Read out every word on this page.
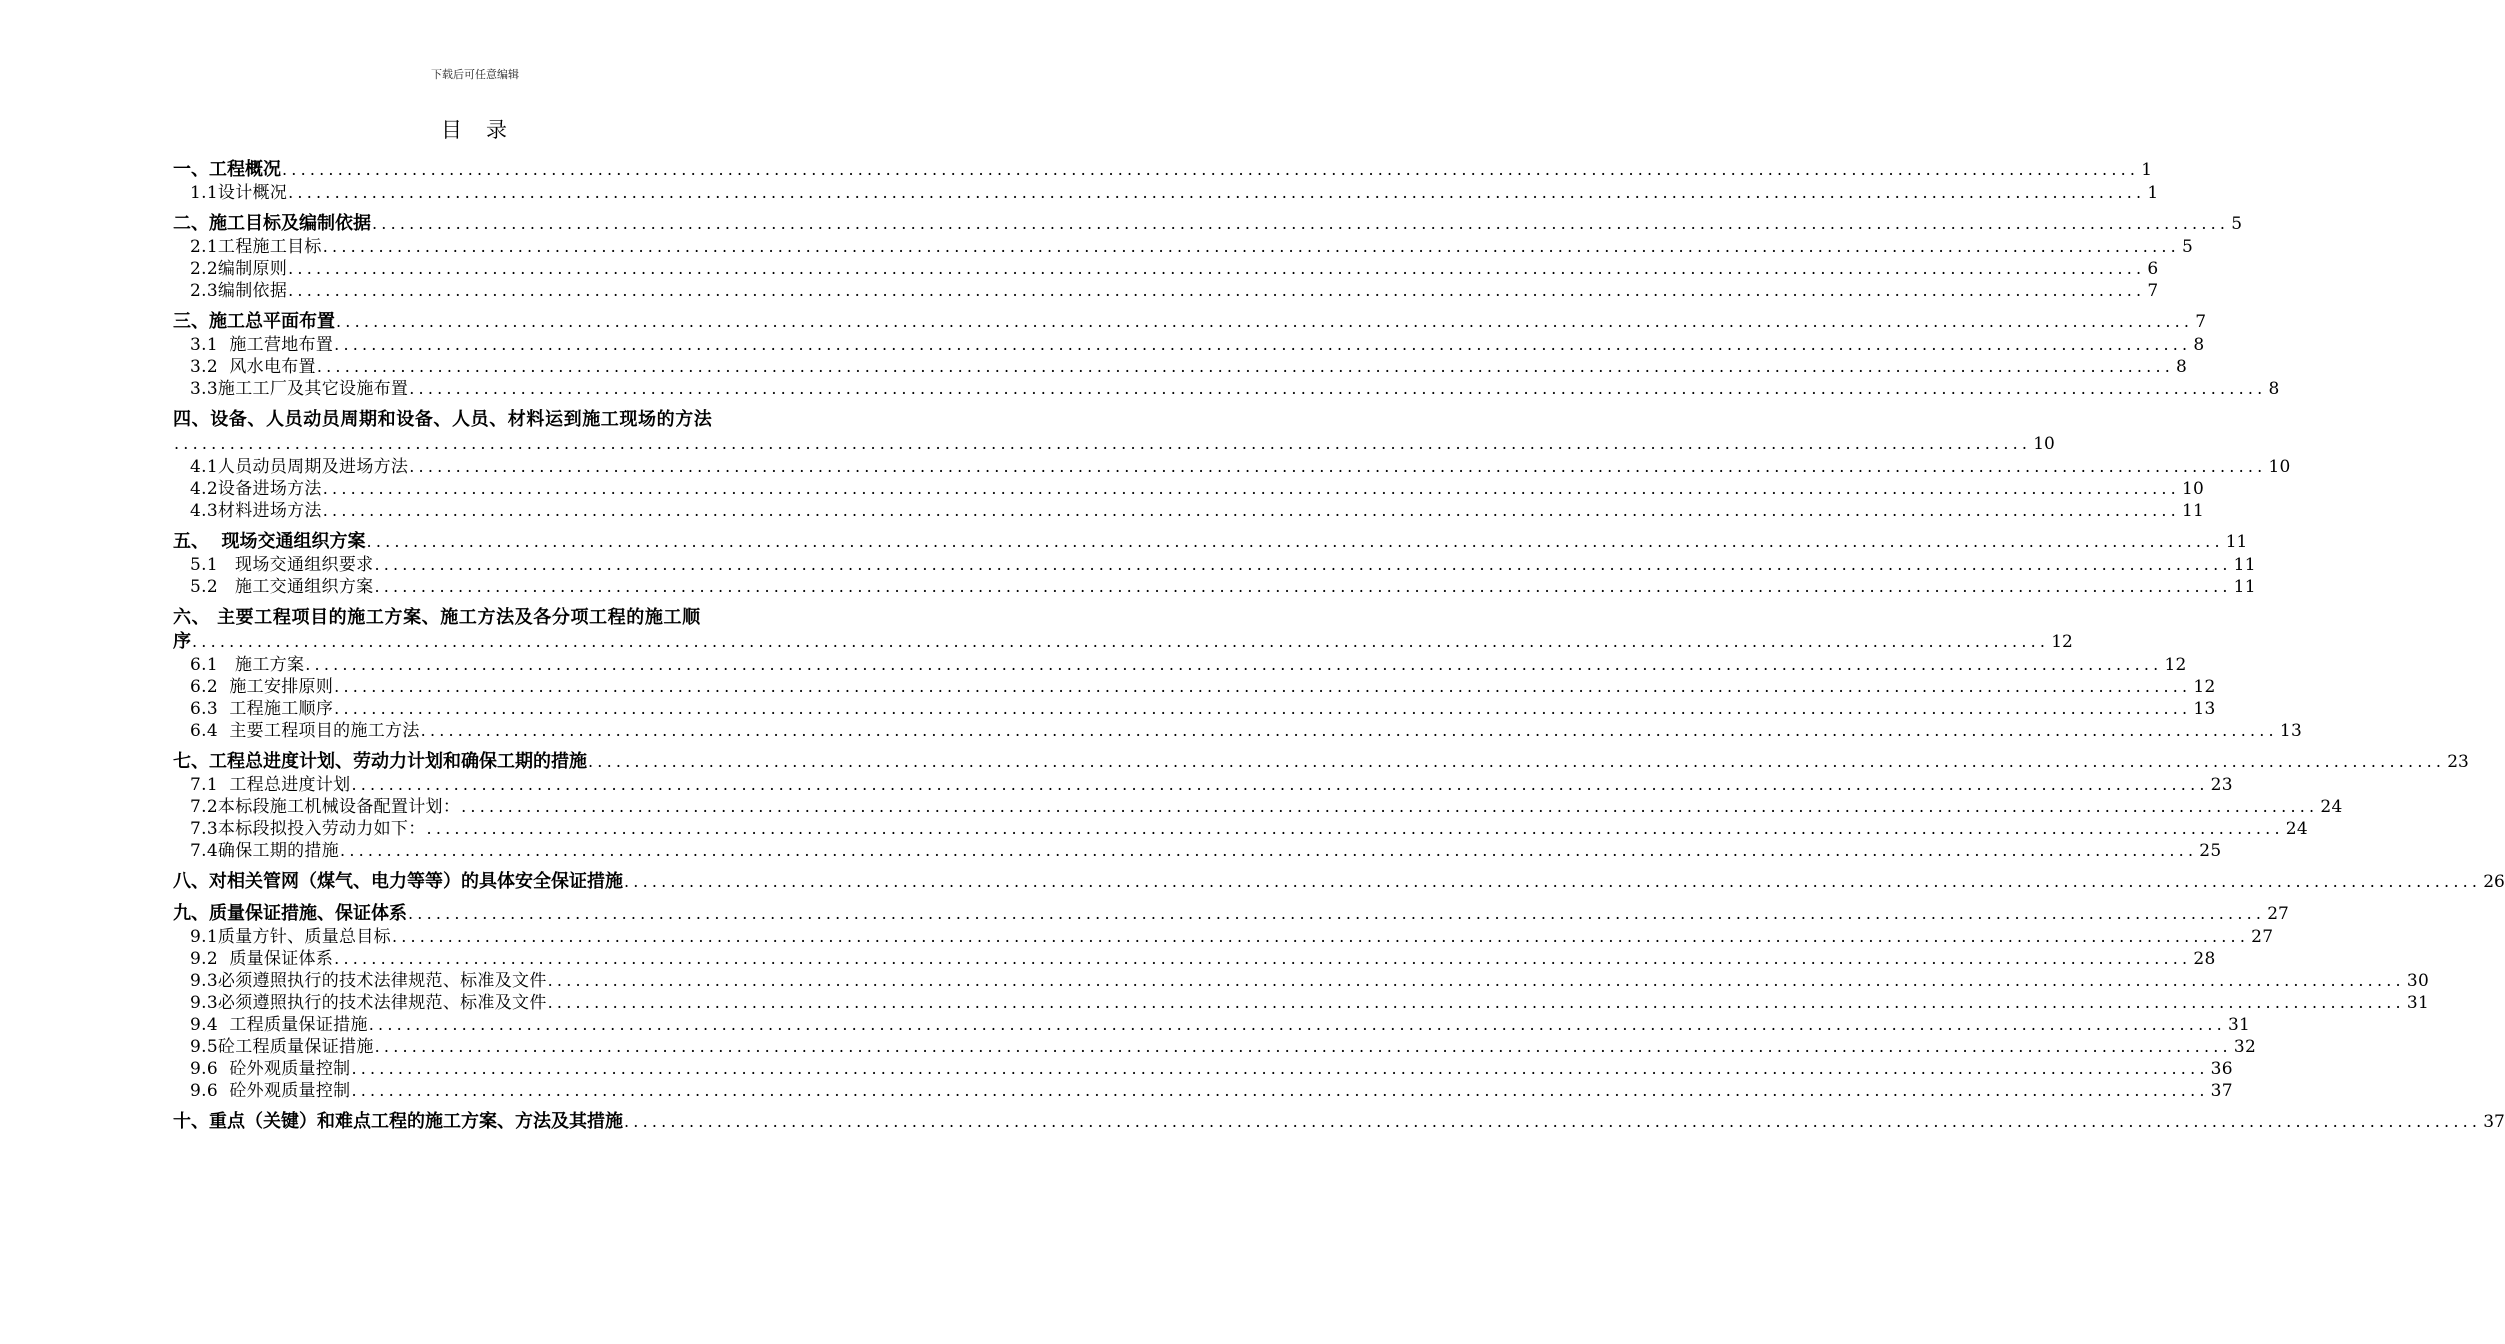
下载后可任意编辑
目 录
一、工程概况 ........................................................................................................................................................................................................ 1
1.1设计概况 ........................................................................................................................................................................................................ 1
二、施工目标及编制依据 ........................................................................................................................................................................................................ 5
2.1工程施工目标 ........................................................................................................................................................................................................ 5
2.2编制原则 ........................................................................................................................................................................................................ 6
2.3编制依据 ........................................................................................................................................................................................................ 7
三、施工总平面布置 ........................................................................................................................................................................................................ 7
3.1  施工营地布置 ........................................................................................................................................................................................................ 8
3.2  风水电布置 ........................................................................................................................................................................................................ 8
3.3施工工厂及其它设施布置 ........................................................................................................................................................................................................ 8
四、设备、人员动员周期和设备、人员、材料运到施工现场的方法
........................................................................................................................................................................................................ 10
4.1人员动员周期及进场方法 ........................................................................................................................................................................................................ 10
4.2设备进场方法 ........................................................................................................................................................................................................ 10
4.3材料进场方法 ........................................................................................................................................................................................................ 11
五、  现场交通组织方案 ........................................................................................................................................................................................................ 11
5.1   现场交通组织要求 ........................................................................................................................................................................................................ 11
5.2   施工交通组织方案 ........................................................................................................................................................................................................ 11
六、 主要工程项目的施工方案、施工方法及各分项工程的施工顺
序 ........................................................................................................................................................................................................ 12
6.1   施工方案 ........................................................................................................................................................................................................ 12
6.2  施工安排原则 ........................................................................................................................................................................................................ 12
6.3  工程施工顺序 ........................................................................................................................................................................................................ 13
6.4  主要工程项目的施工方法 ........................................................................................................................................................................................................ 13
七、工程总进度计划、劳动力计划和确保工期的措施 ........................................................................................................................................................................................................ 23
7.1  工程总进度计划 ........................................................................................................................................................................................................ 23
7.2本标段施工机械设备配置计划： ........................................................................................................................................................................................................ 24
7.3本标段拟投入劳动力如下： ........................................................................................................................................................................................................ 24
7.4确保工期的措施 ........................................................................................................................................................................................................ 25
八、对相关管网（煤气、电力等等）的具体安全保证措施 ........................................................................................................................................................................................................ 26
九、质量保证措施、保证体系 ........................................................................................................................................................................................................ 27
9.1质量方针、质量总目标 ........................................................................................................................................................................................................ 27
9.2  质量保证体系 ........................................................................................................................................................................................................ 28
9.3必须遵照执行的技术法律规范、标准及文件 ........................................................................................................................................................................................................ 30
9.3必须遵照执行的技术法律规范、标准及文件 ........................................................................................................................................................................................................ 31
9.4  工程质量保证措施 ........................................................................................................................................................................................................ 31
9.5砼工程质量保证措施 ........................................................................................................................................................................................................ 32
9.6  砼外观质量控制 ........................................................................................................................................................................................................ 36
9.6  砼外观质量控制 ........................................................................................................................................................................................................ 37
十、重点（关键）和难点工程的施工方案、方法及其措施 ........................................................................................................................................................................................................ 37
